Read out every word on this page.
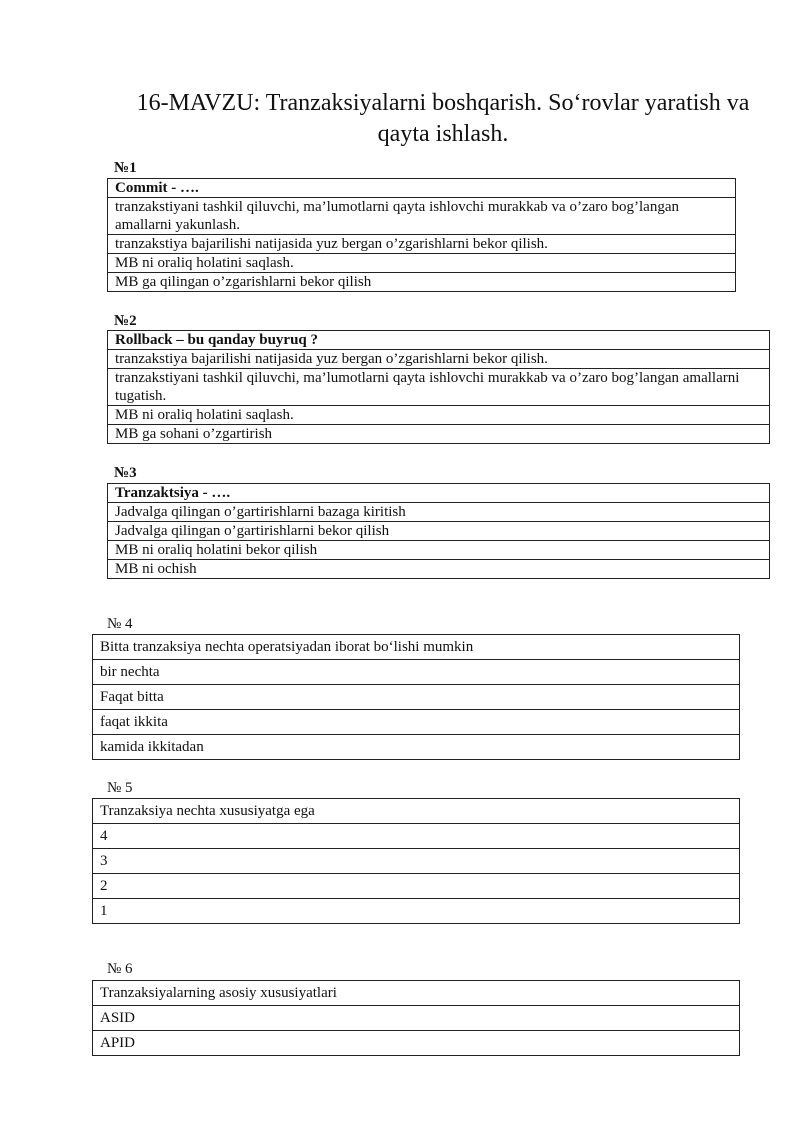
16-MAVZU: Tranzaksiyalarni boshqarish. So‘rovlar yaratish va qayta ishlash.
№1
Commit - ….
tranzakstiyani tashkil qiluvchi, ma’lumotlarni qayta ishlovchi murakkab va o’zaro bog’langan amallarni yakunlash.
tranzakstiya bajarilishi natijasida yuz bergan o’zgarishlarni bekor qilish.
MB ni oraliq holatini saqlash.
MB ga qilingan o’zgarishlarni bekor qilish
№2
Rollback – bu qanday buyruq ?
tranzakstiya bajarilishi natijasida yuz bergan o’zgarishlarni bekor qilish.
tranzakstiyani tashkil qiluvchi, ma’lumotlarni qayta ishlovchi murakkab va o’zaro bog’langan amallarni tugatish.
MB ni oraliq holatini saqlash.
MB ga sohani o’zgartirish
№3
Tranzaktsiya - ….
Jadvalga qilingan o’gartirishlarni bazaga kiritish
Jadvalga qilingan o’gartirishlarni bekor qilish
MB ni oraliq holatini bekor qilish
MB ni ochish
№ 4
Bitta tranzaksiya nechta operatsiyadan iborat bo‘lishi mumkin
bir nechta
Faqat bitta
faqat ikkita
kamida ikkitadan
№ 5
Tranzaksiya nechta xususiyatga ega
4
3
2
1
№ 6
Tranzaksiyalarning asosiy xususiyatlari
ASID
APID
